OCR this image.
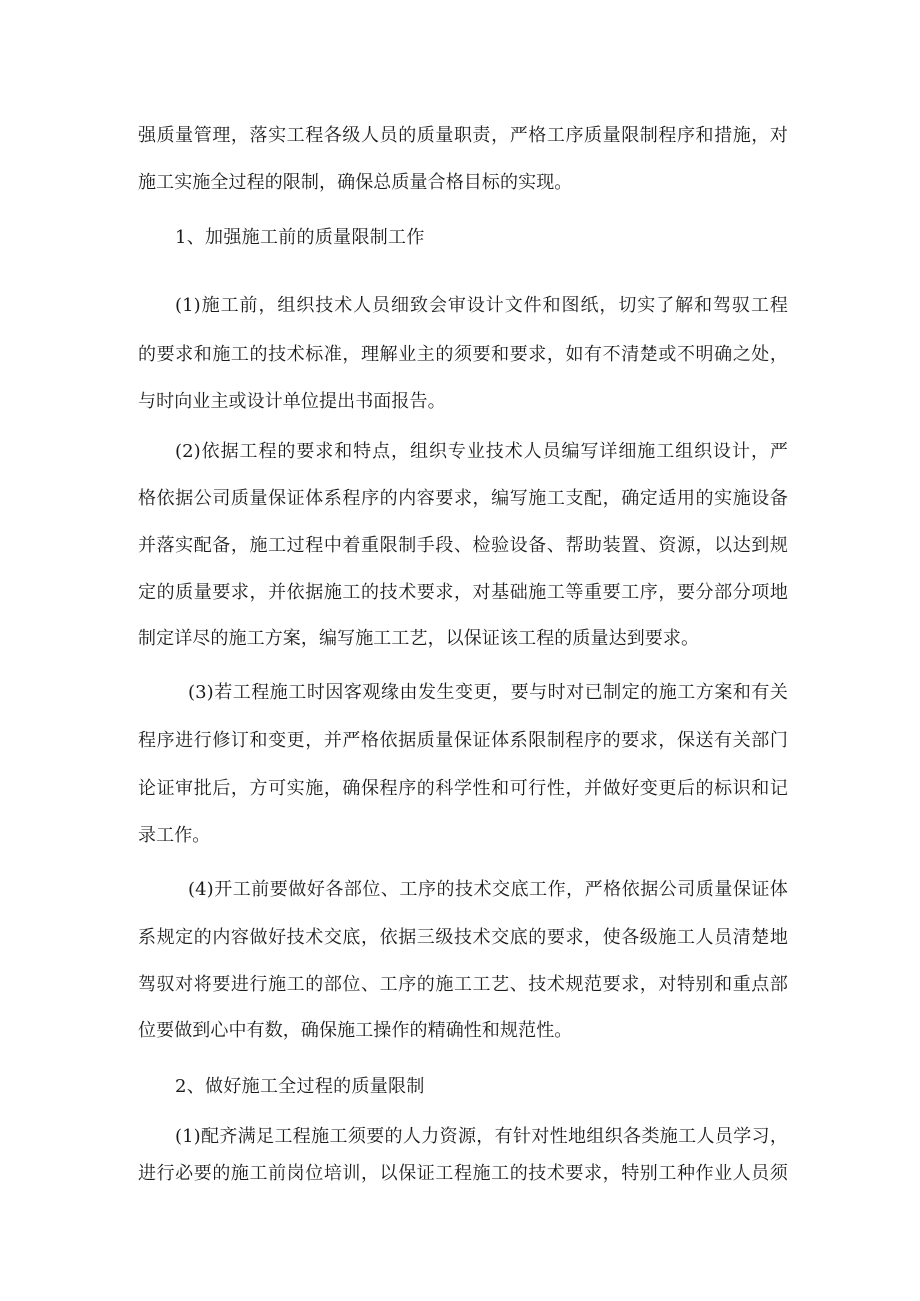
强质量管理，落实工程各级人员的质量职责，严格工序质量限制程序和措施，对
施工实施全过程的限制，确保总质量合格目标的实现。
1、加强施工前的质量限制工作
(1)施工前，组织技术人员细致会审设计文件和图纸，切实了解和驾驭工程
的要求和施工的技术标准，理解业主的须要和要求，如有不清楚或不明确之处，
与时向业主或设计单位提出书面报告。
(2)依据工程的要求和特点，组织专业技术人员编写详细施工组织设计，严
格依据公司质量保证体系程序的内容要求，编写施工支配，确定适用的实施设备
并落实配备，施工过程中着重限制手段、检验设备、帮助装置、资源，以达到规
定的质量要求，并依据施工的技术要求，对基础施工等重要工序，要分部分项地
制定详尽的施工方案，编写施工工艺，以保证该工程的质量达到要求。
(3)若工程施工时因客观缘由发生变更，要与时对已制定的施工方案和有关
程序进行修订和变更，并严格依据质量保证体系限制程序的要求，保送有关部门
论证审批后，方可实施，确保程序的科学性和可行性，并做好变更后的标识和记
录工作。
(4)开工前要做好各部位、工序的技术交底工作，严格依据公司质量保证体
系规定的内容做好技术交底，依据三级技术交底的要求，使各级施工人员清楚地
驾驭对将要进行施工的部位、工序的施工工艺、技术规范要求，对特别和重点部
位要做到心中有数，确保施工操作的精确性和规范性。
2、做好施工全过程的质量限制
(1)配齐满足工程施工须要的人力资源，有针对性地组织各类施工人员学习，
进行必要的施工前岗位培训，以保证工程施工的技术要求，特别工种作业人员须
